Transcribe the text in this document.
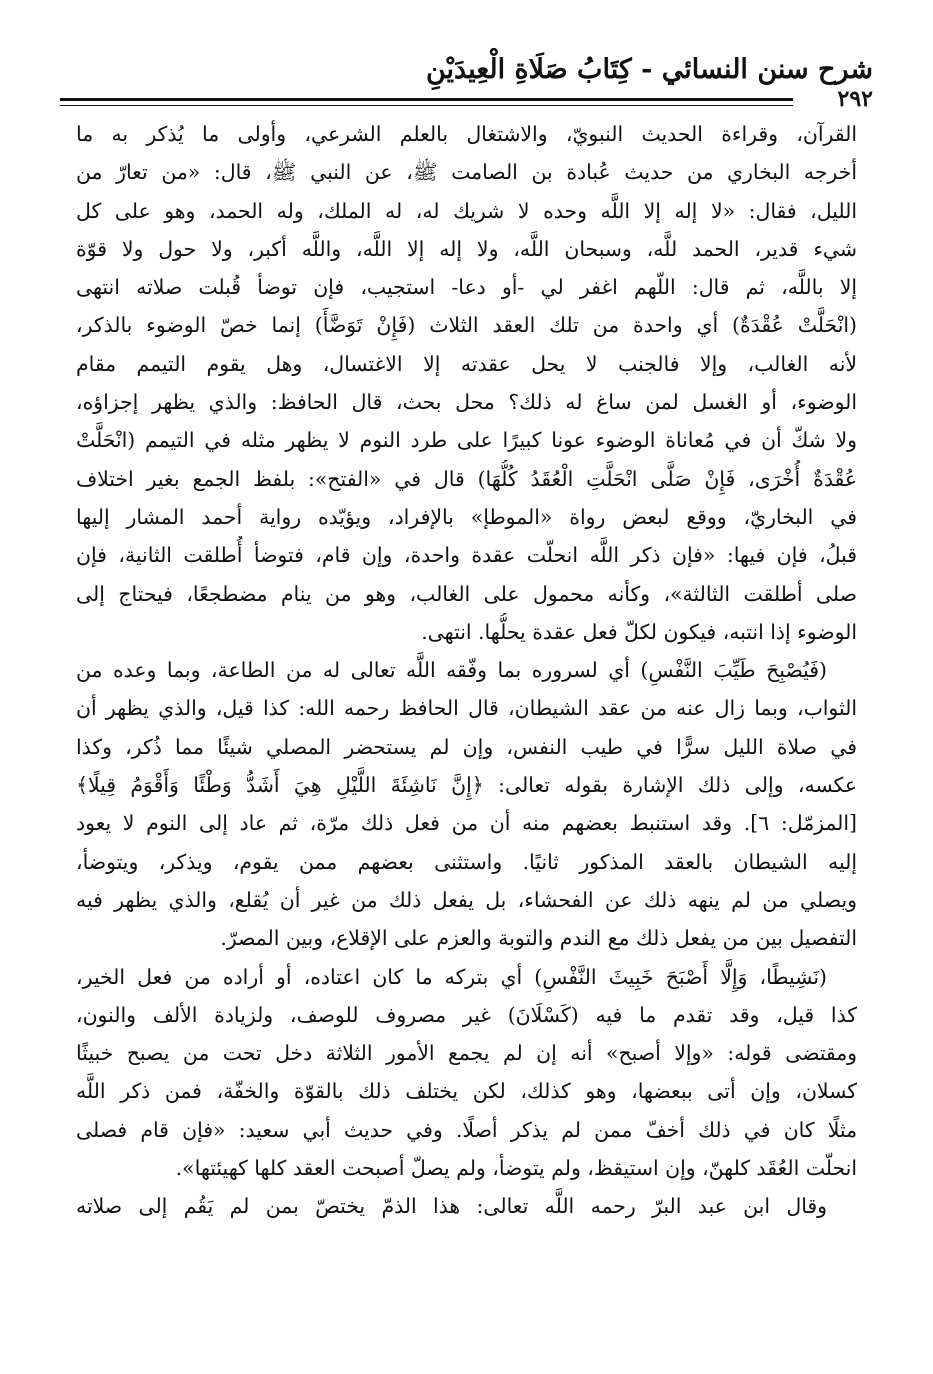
شرح سنن النسائي - كِتَابُ صَلَاةِ الْعِيدَيْنِ
٢٩٢
القرآن، وقراءة الحديث النبويّ، والاشتغال بالعلم الشرعي، وأولى ما يُذكر به ما
أخرجه البخاري من حديث عُبادة بن الصامت ﷺ، عن النبي ﷺ، قال: «من تعارّ من
الليل، فقال: «لا إله إلا اللَّه وحده لا شريك له، له الملك، وله الحمد، وهو على كل
شيء قدير، الحمد للَّه، وسبحان اللَّه، ولا إله إلا اللَّه، واللَّه أكبر، ولا حول ولا قوّة
إلا باللَّه، ثم قال: اللّهم اغفر لي -أو دعا- استجيب، فإن توضأ قُبلت صلاته انتهى
(انْحَلَّتْ عُقْدَةٌ) أي واحدة من تلك العقد الثلاث (فَإِنْ تَوَضَّأَ) إنما خصّ الوضوء بالذكر،
لأنه الغالب، وإلا فالجنب لا يحل عقدته إلا الاغتسال، وهل يقوم التيمم مقام
الوضوء، أو الغسل لمن ساغ له ذلك؟ محل بحث، قال الحافظ: والذي يظهر إجزاؤه،
ولا شكّ أن في مُعاناة الوضوء عونا كبيرًا على طرد النوم لا يظهر مثله في التيمم (انْحَلَّتْ
عُقْدَةٌ أُخْرَى، فَإِنْ صَلَّى انْحَلَّتِ الْعُقَدُ كُلُّهَا) قال في «الفتح»: بلفظ الجمع بغير اختلاف
في البخاريّ، ووقع لبعض رواة «الموطإ» بالإفراد، ويؤيّده رواية أحمد المشار إليها
قبلُ، فإن فيها: «فإن ذكر اللَّه انحلّت عقدة واحدة، وإن قام، فتوضأ أُطلقت الثانية، فإن
صلى أطلقت الثالثة»، وكأنه محمول على الغالب، وهو من ينام مضطجعًا، فيحتاج إلى
الوضوء إذا انتبه، فيكون لكلّ فعل عقدة يحلُّها. انتهى.
(فَيُصْبِحَ طَيِّبَ النَّفْسِ) أي لسروره بما وفّقه اللَّه تعالى له من الطاعة، وبما وعده من
الثواب، وبما زال عنه من عقد الشيطان، قال الحافظ رحمه الله: كذا قيل، والذي يظهر أن
في صلاة الليل سرًّا في طيب النفس، وإن لم يستحضر المصلي شيئًا مما ذُكر، وكذا
عكسه، وإلى ذلك الإشارة بقوله تعالى: ﴿إِنَّ نَاشِئَةَ اللَّيْلِ هِيَ أَشَدُّ وَطْئًا وَأَقْوَمُ قِيلًا﴾
[المزمّل: ٦]. وقد استنبط بعضهم منه أن من فعل ذلك مرّة، ثم عاد إلى النوم لا يعود
إليه الشيطان بالعقد المذكور ثانيًا. واستثنى بعضهم ممن يقوم، ويذكر، ويتوضأ،
ويصلي من لم ينهه ذلك عن الفحشاء، بل يفعل ذلك من غير أن يُقلع، والذي يظهر فيه
التفصيل بين من يفعل ذلك مع الندم والتوبة والعزم على الإقلاع، وبين المصرّ.
(نَشِيطًا، وَإِلَّا أَصْبَحَ خَبِيثَ النَّفْسِ) أي بتركه ما كان اعتاده، أو أراده من فعل الخير،
كذا قيل، وقد تقدم ما فيه (كَسْلَانَ) غير مصروف للوصف، ولزيادة الألف والنون،
ومقتضى قوله: «وإلا أصبح» أنه إن لم يجمع الأمور الثلاثة دخل تحت من يصبح خبيثًا
كسلان، وإن أتى ببعضها، وهو كذلك، لكن يختلف ذلك بالقوّة والخفّة، فمن ذكر اللَّه
مثلًا كان في ذلك أخفّ ممن لم يذكر أصلًا. وفي حديث أبي سعيد: «فإن قام فصلى
انحلّت العُقَد كلهنّ، وإن استيقظ، ولم يتوضأ، ولم يصلّ أصبحت العقد كلها كهيئتها».
وقال ابن عبد البرّ رحمه اللَّه تعالى: هذا الذمّ يختصّ بمن لم يَقُم إلى صلاته
